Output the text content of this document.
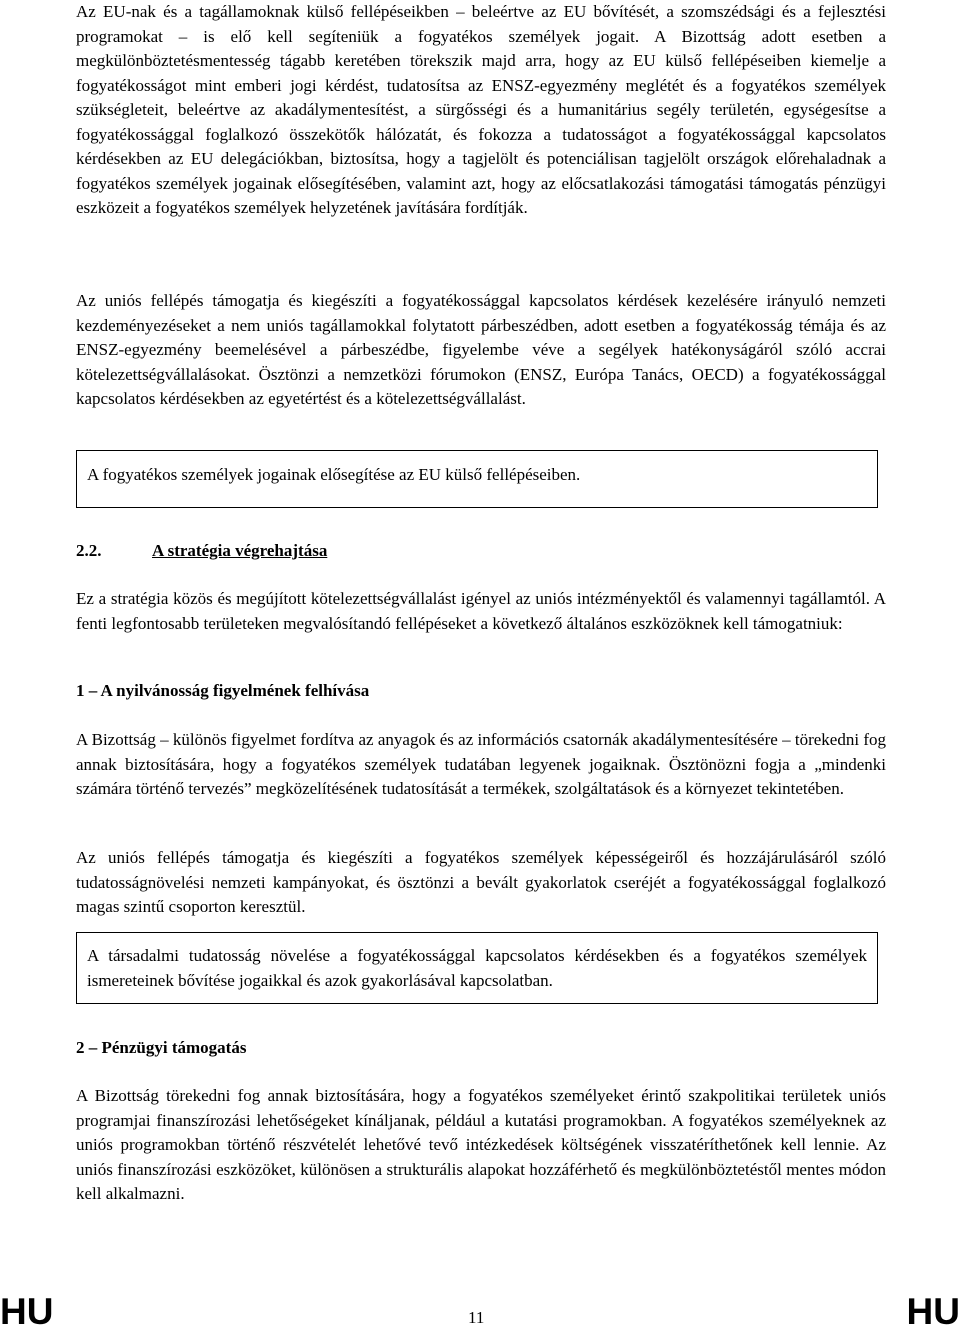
Az EU-nak és a tagállamoknak külső fellépéseikben – beleértve az EU bővítését, a szomszédsági és a fejlesztési programokat – is elő kell segíteniük a fogyatékos személyek jogait. A Bizottság adott esetben a megkülönböztetésmentesség tágabb keretében törekszik majd arra, hogy az EU külső fellépéseiben kiemelje a fogyatékosságot mint emberi jogi kérdést, tudatosítsa az ENSZ-egyezmény meglétét és a fogyatékos személyek szükségleteit, beleértve az akadálymentesítést, a sürgősségi és a humanitárius segély területén, egységesítse a fogyatékossággal foglalkozó összekötők hálózatát, és fokozza a tudatosságot a fogyatékossággal kapcsolatos kérdésekben az EU delegációkban, biztosítsa, hogy a tagjelölt és potenciálisan tagjelölt országok előrehaladnak a fogyatékos személyek jogainak elősegítésében, valamint azt, hogy az előcsatlakozási támogatási támogatás pénzügyi eszközeit a fogyatékos személyek helyzetének javítására fordítják.

Az uniós fellépés támogatja és kiegészíti a fogyatékossággal kapcsolatos kérdések kezelésére irányuló nemzeti kezdeményezéseket a nem uniós tagállamokkal folytatott párbeszédben, adott esetben a fogyatékosság témája és az ENSZ-egyezmény beemelésével a párbeszédbe, figyelembe véve a segélyek hatékonyságáról szóló accrai kötelezettségvállalásokat. Ösztönzi a nemzetközi fórumokon (ENSZ, Európa Tanács, OECD) a fogyatékossággal kapcsolatos kérdésekben az egyetértést és a kötelezettségvállalást.

A fogyatékos személyek jogainak elősegítése az EU külső fellépéseiben.

2.2.	A stratégia végrehajtása

Ez a stratégia közös és megújított kötelezettségvállalást igényel az uniós intézményektől és valamennyi tagállamtól. A fenti legfontosabb területeken megvalósítandó fellépéseket a következő általános eszközöknek kell támogatniuk:

1 – A nyilvánosság figyelmének felhívása

A Bizottság – különös figyelmet fordítva az anyagok és az információs csatornák akadálymentesítésére – törekedni fog annak biztosítására, hogy a fogyatékos személyek tudatában legyenek jogaiknak. Ösztönözni fogja a „mindenki számára történő tervezés” megközelítésének tudatosítását a termékek, szolgáltatások és a környezet tekintetében.

Az uniós fellépés támogatja és kiegészíti a fogyatékos személyek képességeiről és hozzájárulásáról szóló tudatosságnövelési nemzeti kampányokat, és ösztönzi a bevált gyakorlatok cseréjét a fogyatékossággal foglalkozó magas szintű csoporton keresztül.

A társadalmi tudatosság növelése a fogyatékossággal kapcsolatos kérdésekben és a fogyatékos személyek ismereteinek bővítése jogaikkal és azok gyakorlásával kapcsolatban.

2 – Pénzügyi támogatás

A Bizottság törekedni fog annak biztosítására, hogy a fogyatékos személyeket érintő szakpolitikai területek uniós programjai finanszírozási lehetőségeket kínáljanak, például a kutatási programokban. A fogyatékos személyeknek az uniós programokban történő részvételét lehetővé tevő intézkedések költségének visszatéríthetőnek kell lennie. Az uniós finanszírozási eszközöket, különösen a strukturális alapokat hozzáférhető és megkülönböztetéstől mentes módon kell alkalmazni.

HU	11	HU
